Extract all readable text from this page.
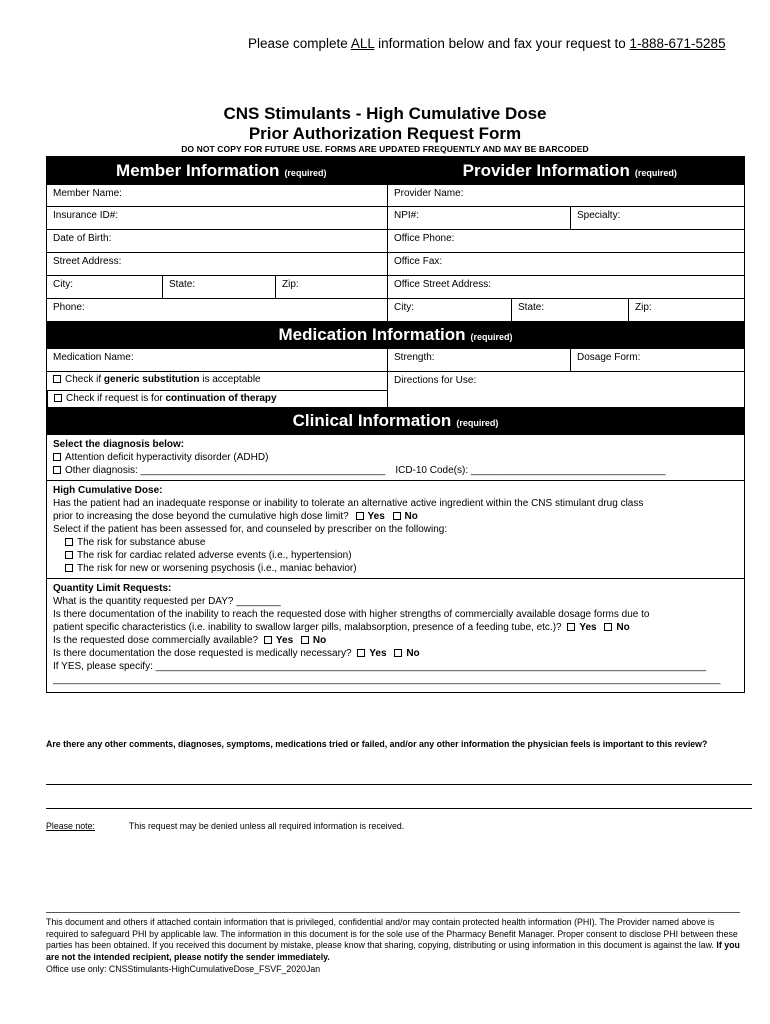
Please complete ALL information below and fax your request to 1-888-671-5285
CNS Stimulants - High Cumulative Dose
Prior Authorization Request Form
DO NOT COPY FOR FUTURE USE. FORMS ARE UPDATED FREQUENTLY AND MAY BE BARCODED
Member Information (required)	Provider Information (required)
Member Name:	Provider Name:
Insurance ID#:	NPI#:	Specialty:
Date of Birth:	Office Phone:
Street Address:	Office Fax:
City:	State:	Zip:	Office Street Address:
Phone:	City:	State:	Zip:
Medication Information (required)
Medication Name:	Strength:	Dosage Form:
Check if generic substitution is acceptable
Check if request is for continuation of therapy
Directions for Use:
Clinical Information (required)
Select the diagnosis below:
Attention deficit hyperactivity disorder (ADHD)
Other diagnosis: ____________________________________________ ICD-10 Code(s): ___________________________________
High Cumulative Dose:
Has the patient had an inadequate response or inability to tolerate an alternative active ingredient within the CNS stimulant drug class
prior to increasing the dose beyond the cumulative high dose limit? Yes No
Select if the patient has been assessed for, and counseled by prescriber on the following:
The risk for substance abuse
The risk for cardiac related adverse events (i.e., hypertension)
The risk for new or worsening psychosis (i.e., maniac behavior)
Quantity Limit Requests:
What is the quantity requested per DAY? ________
Is there documentation of the inability to reach the requested dose with higher strengths of commercially available dosage forms due to
patient specific characteristics (i.e. inability to swallow larger pills, malabsorption, presence of a feeding tube, etc.)? Yes No
Is the requested dose commercially available? Yes No
Is there documentation the dose requested is medically necessary? Yes No
If YES, please specify: ___________________________________________________________________________________________________
________________________________________________________________________________________________________________________
Are there any other comments, diagnoses, symptoms, medications tried or failed, and/or any other information the physician feels is important to this review?
Please note:	This request may be denied unless all required information is received.
This document and others if attached contain information that is privileged, confidential and/or may contain protected health information (PHI). The Provider named above is required to safeguard PHI by applicable law. The information in this document is for the sole use of the Pharmacy Benefit Manager. Proper consent to disclose PHI between these parties has been obtained. If you received this document by mistake, please know that sharing, copying, distributing or using information in this document is against the law. If you are not the intended recipient, please notify the sender immediately.
Office use only: CNSStimulants-HighCumulativeDose_FSVF_2020Jan
